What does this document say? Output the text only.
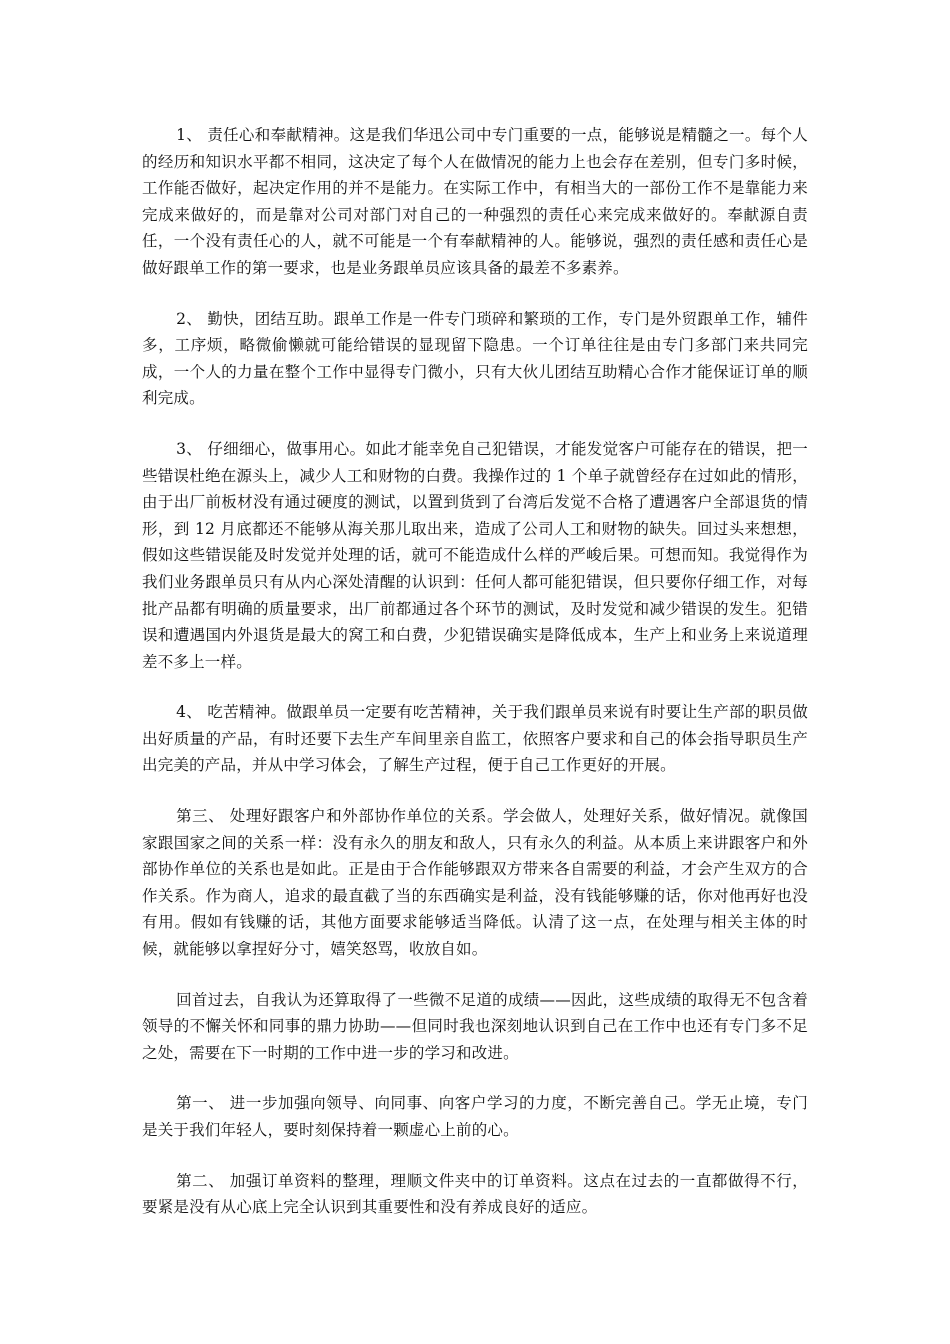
1、 责任心和奉献精神。这是我们华迅公司中专门重要的一点，能够说是精髓之一。每个人的经历和知识水平都不相同，这决定了每个人在做情况的能力上也会存在差别，但专门多时候，工作能否做好，起决定作用的并不是能力。在实际工作中，有相当大的一部份工作不是靠能力来完成来做好的，而是靠对公司对部门对自己的一种强烈的责任心来完成来做好的。奉献源自责任，一个没有责任心的人，就不可能是一个有奉献精神的人。能够说，强烈的责任感和责任心是做好跟单工作的第一要求，也是业务跟单员应该具备的最差不多素养。

2、 勤快，团结互助。跟单工作是一件专门琐碎和繁琐的工作，专门是外贸跟单工作，辅件多，工序烦，略微偷懒就可能给错误的显现留下隐患。一个订单往往是由专门多部门来共同完成，一个人的力量在整个工作中显得专门微小，只有大伙儿团结互助精心合作才能保证订单的顺利完成。

3、 仔细细心，做事用心。如此才能幸免自己犯错误，才能发觉客户可能存在的错误，把一些错误杜绝在源头上，减少人工和财物的白费。我操作过的 1 个单子就曾经存在过如此的情形，由于出厂前板材没有通过硬度的测试，以置到货到了台湾后发觉不合格了遭遇客户全部退货的情形，到 12 月底都还不能够从海关那儿取出来，造成了公司人工和财物的缺失。回过头来想想，假如这些错误能及时发觉并处理的话，就可不能造成什么样的严峻后果。可想而知。我觉得作为我们业务跟单员只有从内心深处清醒的认识到：任何人都可能犯错误，但只要你仔细工作，对每批产品都有明确的质量要求，出厂前都通过各个环节的测试，及时发觉和减少错误的发生。犯错误和遭遇国内外退货是最大的窝工和白费，少犯错误确实是降低成本，生产上和业务上来说道理差不多上一样。

4、 吃苦精神。做跟单员一定要有吃苦精神，关于我们跟单员来说有时要让生产部的职员做出好质量的产品，有时还要下去生产车间里亲自监工，依照客户要求和自己的体会指导职员生产出完美的产品，并从中学习体会，了解生产过程，便于自己工作更好的开展。

第三、 处理好跟客户和外部协作单位的关系。学会做人，处理好关系，做好情况。就像国家跟国家之间的关系一样：没有永久的朋友和敌人，只有永久的利益。从本质上来讲跟客户和外部协作单位的关系也是如此。正是由于合作能够跟双方带来各自需要的利益，才会产生双方的合作关系。作为商人，追求的最直截了当的东西确实是利益，没有钱能够赚的话，你对他再好也没有用。假如有钱赚的话，其他方面要求能够适当降低。认清了这一点，在处理与相关主体的时候，就能够以拿捏好分寸，嬉笑怒骂，收放自如。

回首过去，自我认为还算取得了一些微不足道的成绩——因此，这些成绩的取得无不包含着领导的不懈关怀和同事的鼎力协助——但同时我也深刻地认识到自己在工作中也还有专门多不足之处，需要在下一时期的工作中进一步的学习和改进。

第一、 进一步加强向领导、向同事、向客户学习的力度，不断完善自己。学无止境，专门是关于我们年轻人，要时刻保持着一颗虚心上前的心。

第二、 加强订单资料的整理，理顺文件夹中的订单资料。这点在过去的一直都做得不行，要紧是没有从心底上完全认识到其重要性和没有养成良好的适应。
